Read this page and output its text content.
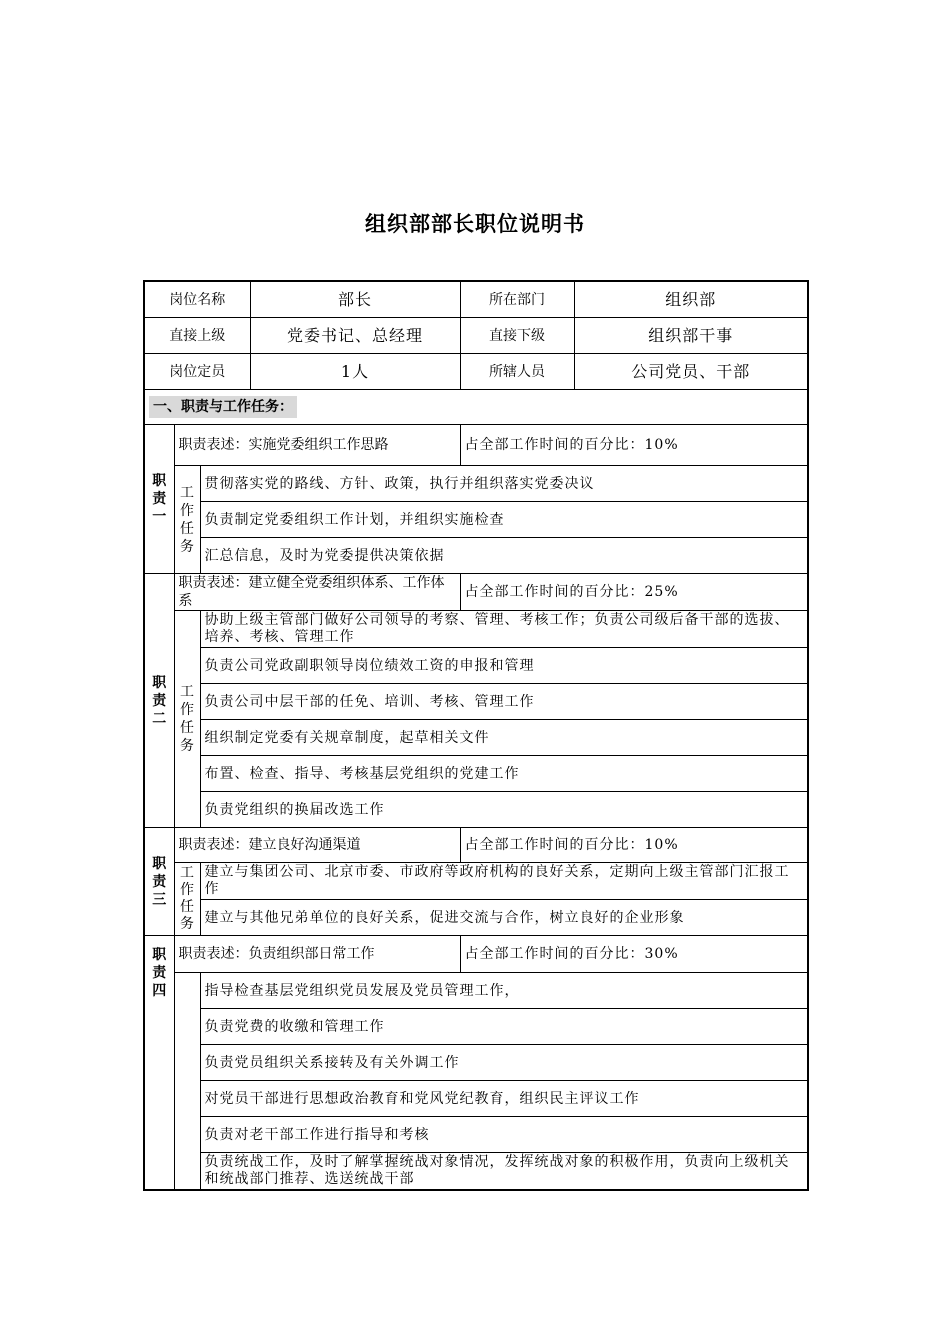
组织部部长职位说明书
岗位名称			部长	所在部门	组织部
直接上级			党委书记、总经理	直接下级	组织部干事
岗位定员			1人	所辖人员	公司党员、干部
一、职责与工作任务：					
职责一	职责表述：实施党委组织工作思路			占全部工作时间的百分比：10%	
	工作任务	贯彻落实党的路线、方针、政策，执行并组织落实党委决议			
		负责制定党委组织工作计划，并组织实施检查			
		汇总信息，及时为党委提供决策依据			
职责二	职责表述：建立健全党委组织体系、工作体系			占全部工作时间的百分比：25%	
	工作任务	协助上级主管部门做好公司领导的考察、管理、考核工作；负责公司级后备干部的选拔、培养、考核、管理工作			
		负责公司党政副职领导岗位绩效工资的申报和管理			
		负责公司中层干部的任免、培训、考核、管理工作			
		组织制定党委有关规章制度，起草相关文件			
		布置、检查、指导、考核基层党组织的党建工作			
		负责党组织的换届改选工作			
职责三	职责表述：建立良好沟通渠道			占全部工作时间的百分比：10%	
	工作任务	建立与集团公司、北京市委、市政府等政府机构的良好关系，定期向上级主管部门汇报工作			
		建立与其他兄弟单位的良好关系，促进交流与合作，树立良好的企业形象			
职责四	职责表述：负责组织部日常工作			占全部工作时间的百分比：30%	
		指导检查基层党组织党员发展及党员管理工作，			
		负责党费的收缴和管理工作			
		负责党员组织关系接转及有关外调工作			
		对党员干部进行思想政治教育和党风党纪教育，组织民主评议工作			
		负责对老干部工作进行指导和考核			
		负责统战工作，及时了解掌握统战对象情况，发挥统战对象的积极作用，负责向上级机关和统战部门推荐、选送统战干部			
